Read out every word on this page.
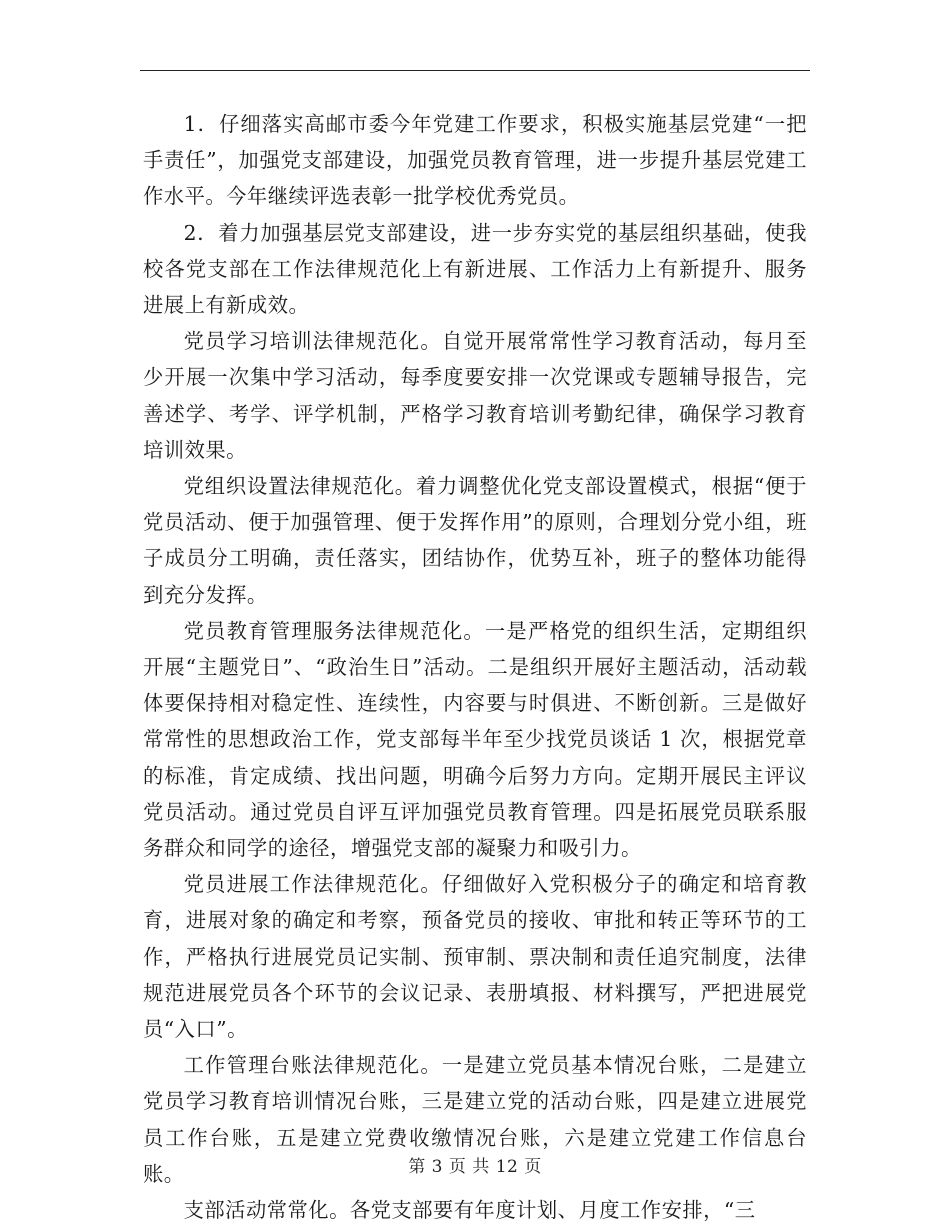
1．仔细落实高邮市委今年党建工作要求，积极实施基层党建“一把手责任”，加强党支部建设，加强党员教育管理，进一步提升基层党建工作水平。今年继续评选表彰一批学校优秀党员。

2．着力加强基层党支部建设，进一步夯实党的基层组织基础，使我校各党支部在工作法律规范化上有新进展、工作活力上有新提升、服务进展上有新成效。

党员学习培训法律规范化。自觉开展常常性学习教育活动，每月至少开展一次集中学习活动，每季度要安排一次党课或专题辅导报告，完善述学、考学、评学机制，严格学习教育培训考勤纪律，确保学习教育培训效果。

党组织设置法律规范化。着力调整优化党支部设置模式，根据“便于党员活动、便于加强管理、便于发挥作用”的原则，合理划分党小组，班子成员分工明确，责任落实，团结协作，优势互补，班子的整体功能得到充分发挥。

党员教育管理服务法律规范化。一是严格党的组织生活，定期组织开展“主题党日”、“政治生日”活动。二是组织开展好主题活动，活动载体要保持相对稳定性、连续性，内容要与时俱进、不断创新。三是做好常常性的思想政治工作，党支部每半年至少找党员谈话 1 次，根据党章的标准，肯定成绩、找出问题，明确今后努力方向。定期开展民主评议党员活动。通过党员自评互评加强党员教育管理。四是拓展党员联系服务群众和同学的途径，增强党支部的凝聚力和吸引力。

党员进展工作法律规范化。仔细做好入党积极分子的确定和培育教育，进展对象的确定和考察，预备党员的接收、审批和转正等环节的工作，严格执行进展党员记实制、预审制、票决制和责任追究制度，法律规范进展党员各个环节的会议记录、表册填报、材料撰写，严把进展党员“入口”。

工作管理台账法律规范化。一是建立党员基本情况台账，二是建立党员学习教育培训情况台账，三是建立党的活动台账，四是建立进展党员工作台账，五是建立党费收缴情况台账，六是建立党建工作信息台账。

支部活动常常化。各党支部要有年度计划、月度工作安排，“三

第 3 页 共 12 页
